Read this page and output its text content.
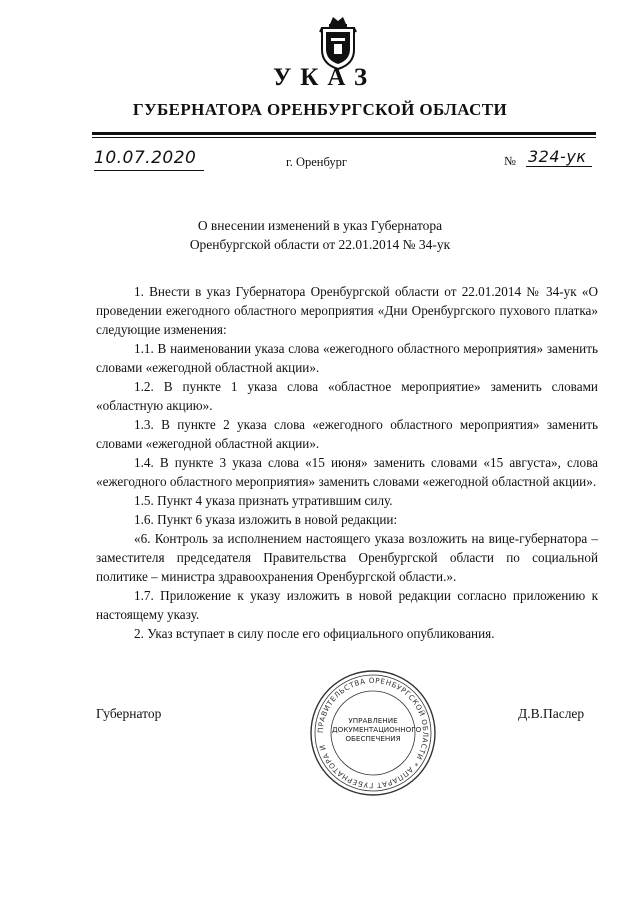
УКАЗ
ГУБЕРНАТОРА ОРЕНБУРГСКОЙ ОБЛАСТИ
10.07.2020	г. Оренбург	№ 324-ук
О внесении изменений в указ Губернатора
Оренбургской области от 22.01.2014 № 34-ук

1. Внести в указ Губернатора Оренбургской области от 22.01.2014 № 34-ук «О проведении ежегодного областного мероприятия «Дни Оренбургского пухового платка» следующие изменения:

1.1. В наименовании указа слова «ежегодного областного мероприятия» заменить словами «ежегодной областной акции».

1.2. В пункте 1 указа слова «областное мероприятие» заменить словами «областную акцию».

1.3. В пункте 2 указа слова «ежегодного областного мероприятия» заменить словами «ежегодной областной акции».

1.4. В пункте 3 указа слова «15 июня» заменить словами «15 августа», слова «ежегодного областного мероприятия» заменить словами «ежегодной областной акции».

1.5. Пункт 4 указа признать утратившим силу.

1.6. Пункт 6 указа изложить в новой редакции:

«6. Контроль за исполнением настоящего указа возложить на вице-губернатора – заместителя председателя Правительства Оренбургской области по социальной политике – министра здравоохранения Оренбургской области.».

1.7. Приложение к указу изложить в новой редакции согласно приложению к настоящему указу.

2. Указ вступает в силу после его официального опубликования.

Губернатор	Д.В.Паслер
ПРАВИТЕЛЬСТВА ОРЕНБУРГСКОЙ ОБЛАСТИ * АППАРАТ ГУБЕРНАТОРА И
УПРАВЛЕНИЕ
ДОКУМЕНТАЦИОННОГО
ОБЕСПЕЧЕНИЯ
